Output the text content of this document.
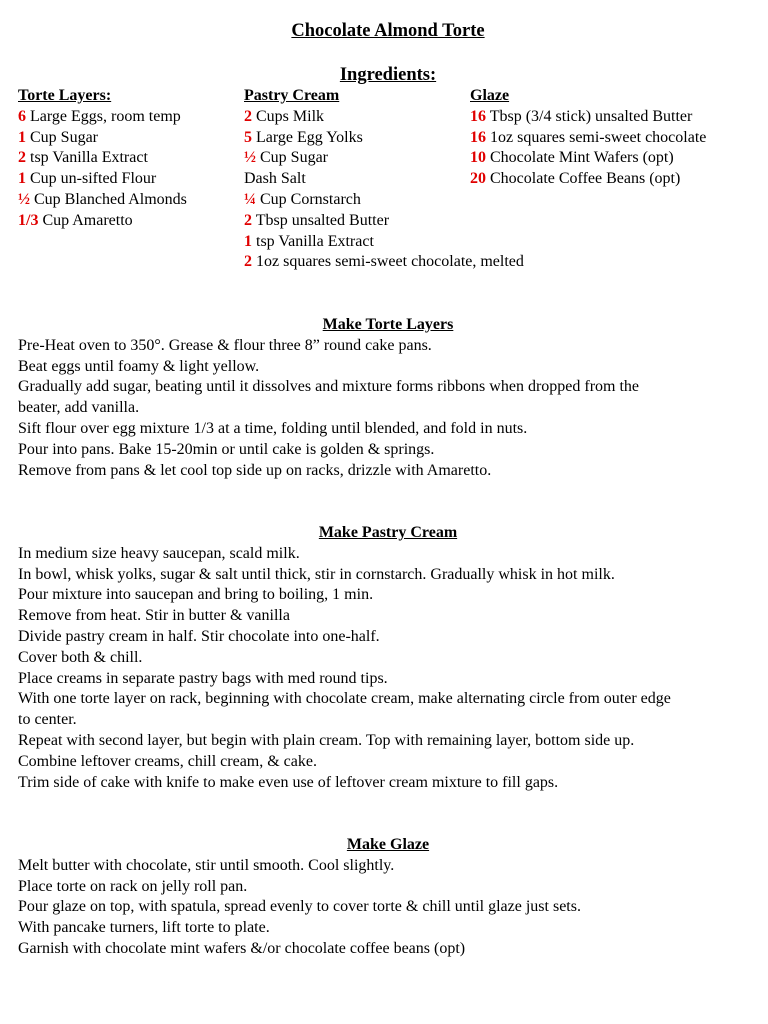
Chocolate Almond Torte

Ingredients:

Torte Layers:
6 Large Eggs, room temp
1 Cup Sugar
2 tsp Vanilla Extract
1 Cup un-sifted Flour
½ Cup Blanched Almonds
1/3 Cup Amaretto
Pastry Cream
2 Cups Milk
5 Large Egg Yolks
½ Cup Sugar
Dash Salt
¼ Cup Cornstarch
2 Tbsp unsalted Butter
1 tsp Vanilla Extract
2 1oz squares semi-sweet chocolate, melted
Glaze
16 Tbsp (3/4 stick) unsalted Butter
16 1oz squares semi-sweet chocolate
10 Chocolate Mint Wafers (opt)
20 Chocolate Coffee Beans (opt)

Make Torte Layers

Pre-Heat oven to 350°. Grease & flour three 8” round cake pans.

Beat eggs until foamy & light yellow.

Gradually add sugar, beating until it dissolves and mixture forms ribbons when dropped from the

beater, add vanilla.

Sift flour over egg mixture 1/3 at a time, folding until blended, and fold in nuts.

Pour into pans. Bake 15-20min or until cake is golden & springs.

Remove from pans & let cool top side up on racks, drizzle with Amaretto.

Make Pastry Cream

In medium size heavy saucepan, scald milk.

In bowl, whisk yolks, sugar & salt until thick, stir in cornstarch. Gradually whisk in hot milk.

Pour mixture into saucepan and bring to boiling, 1 min.

Remove from heat. Stir in butter & vanilla

Divide pastry cream in half. Stir chocolate into one-half.

Cover both & chill.

Place creams in separate pastry bags with med round tips.

With one torte layer on rack, beginning with chocolate cream, make alternating circle from outer edge

to center.

Repeat with second layer, but begin with plain cream. Top with remaining layer, bottom side up.

Combine leftover creams, chill cream, & cake.

Trim side of cake with knife to make even use of leftover cream mixture to fill gaps.

Make Glaze

Melt butter with chocolate, stir until smooth. Cool slightly.

Place torte on rack on jelly roll pan.

Pour glaze on top, with spatula, spread evenly to cover torte & chill until glaze just sets.

With pancake turners, lift torte to plate.

Garnish with chocolate mint wafers &/or chocolate coffee beans (opt)
